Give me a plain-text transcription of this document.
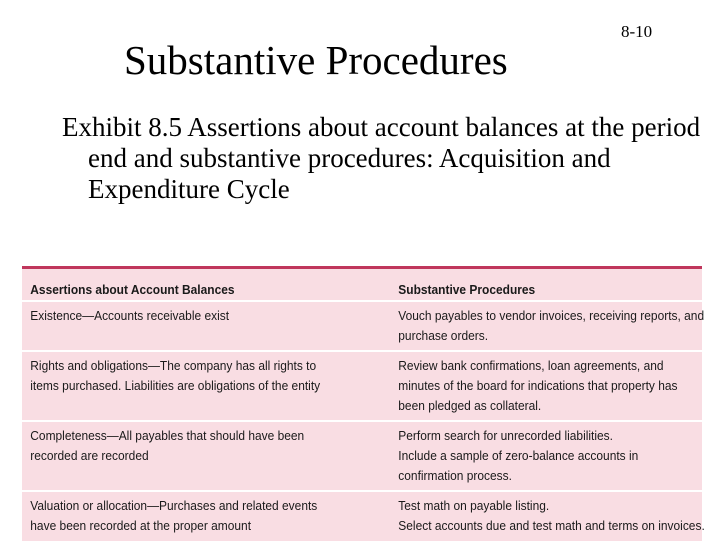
Substantive Procedures
8-10
Exhibit 8.5 Assertions about account balances at the period end and substantive procedures: Acquisition and Expenditure Cycle
Assertions about Account Balances	Substantive Procedures
Existence—Accounts receivable exist	Vouch payables to vendor invoices, receiving reports, and
purchase orders.
Rights and obligations—The company has all rights to
items purchased. Liabilities are obligations of the entity
Review bank confirmations, loan agreements, and
minutes of the board for indications that property has
been pledged as collateral.
Completeness—All payables that should have been
recorded are recorded
Perform search for unrecorded liabilities.
Include a sample of zero-balance accounts in
confirmation process.
Valuation or allocation—Purchases and related events
have been recorded at the proper amount
Test math on payable listing.
Select accounts due and test math and terms on invoices.
